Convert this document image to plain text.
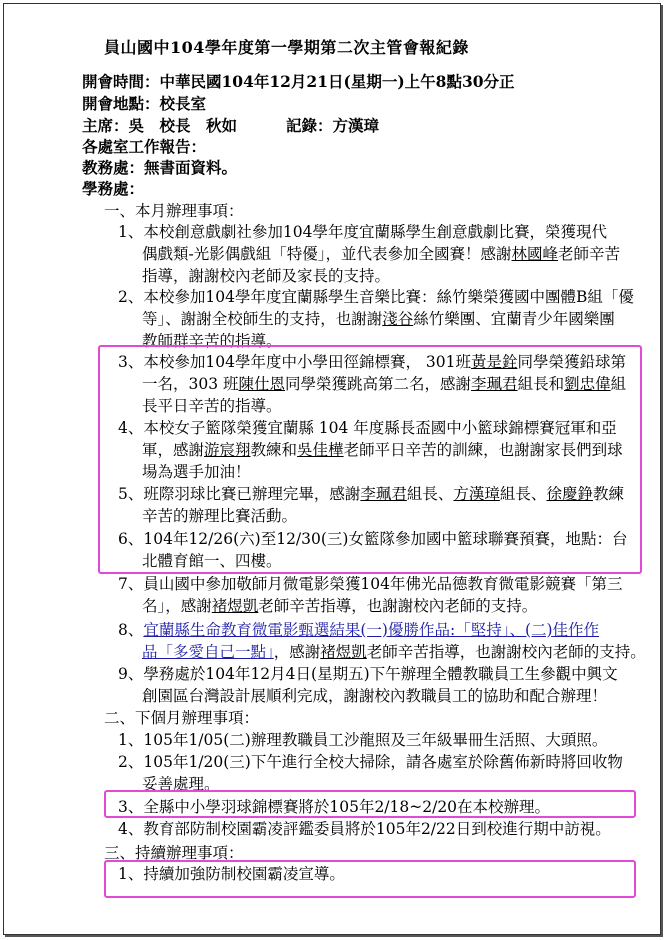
員山國中104學年度第一學期第二次主管會報紀錄
開會時間：中華民國104年12月21日(星期一)上午8點30分正
開會地點：校長室
主席：吳　校長　秋如	記錄：方漢璋
各處室工作報告：
教務處：無書面資料。
學務處：
一、本月辦理事項：
1、本校創意戲劇社參加104學年度宜蘭縣學生創意戲劇比賽，榮獲現代
偶戲類-光影偶戲組「特優」，並代表參加全國賽！感謝林國峰老師辛苦
指導，謝謝校內老師及家長的支持。
2、本校參加104學年度宜蘭縣學生音樂比賽：絲竹樂榮獲國中團體B組「優
等」、謝謝全校師生的支持，也謝謝淺谷絲竹樂團、宜蘭青少年國樂團
教師群辛苦的指導。
3、本校參加104學年度中小學田徑錦標賽， 301班黃是銓同學榮獲鉛球第
一名，303 班陳仕恩同學榮獲跳高第二名，感謝李珮君組長和劉忠偉組
長平日辛苦的指導。
4、本校女子籃隊榮獲宜蘭縣 104 年度縣長盃國中小籃球錦標賽冠軍和亞
軍，感謝游宸翔教練和吳佳樺老師平日辛苦的訓練，也謝謝家長們到球
場為選手加油！
5、班際羽球比賽已辦理完畢，感謝李珮君組長、方漢璋組長、徐慶錚教練
辛苦的辦理比賽活動。
6、104年12/26(六)至12/30(三)女籃隊參加國中籃球聯賽預賽，地點：台
北體育館一、四樓。
7、員山國中參加敬師月微電影榮獲104年佛光品德教育微電影競賽「第三
名」，感謝褚煜凱老師辛苦指導，也謝謝校內老師的支持。
8、宜蘭縣生命教育微電影甄選結果(一)優勝作品:「堅持」、(二)佳作作
品「多愛自己一點」，感謝褚煜凱老師辛苦指導，也謝謝校內老師的支持。
9、學務處於104年12月4日(星期五)下午辦理全體教職員工生參觀中興文
創園區台灣設計展順利完成，謝謝校內教職員工的協助和配合辦理！
二、下個月辦理事項：
1、105年1/05(二)辦理教職員工沙龍照及三年級畢冊生活照、大頭照。
2、105年1/20(三)下午進行全校大掃除，請各處室於除舊佈新時將回收物
妥善處理。
3、全縣中小學羽球錦標賽將於105年2/18~2/20在本校辦理。
4、教育部防制校園霸凌評鑑委員將於105年2/22日到校進行期中訪視。
三、持續辦理事項：
1、持續加強防制校園霸凌宣導。
